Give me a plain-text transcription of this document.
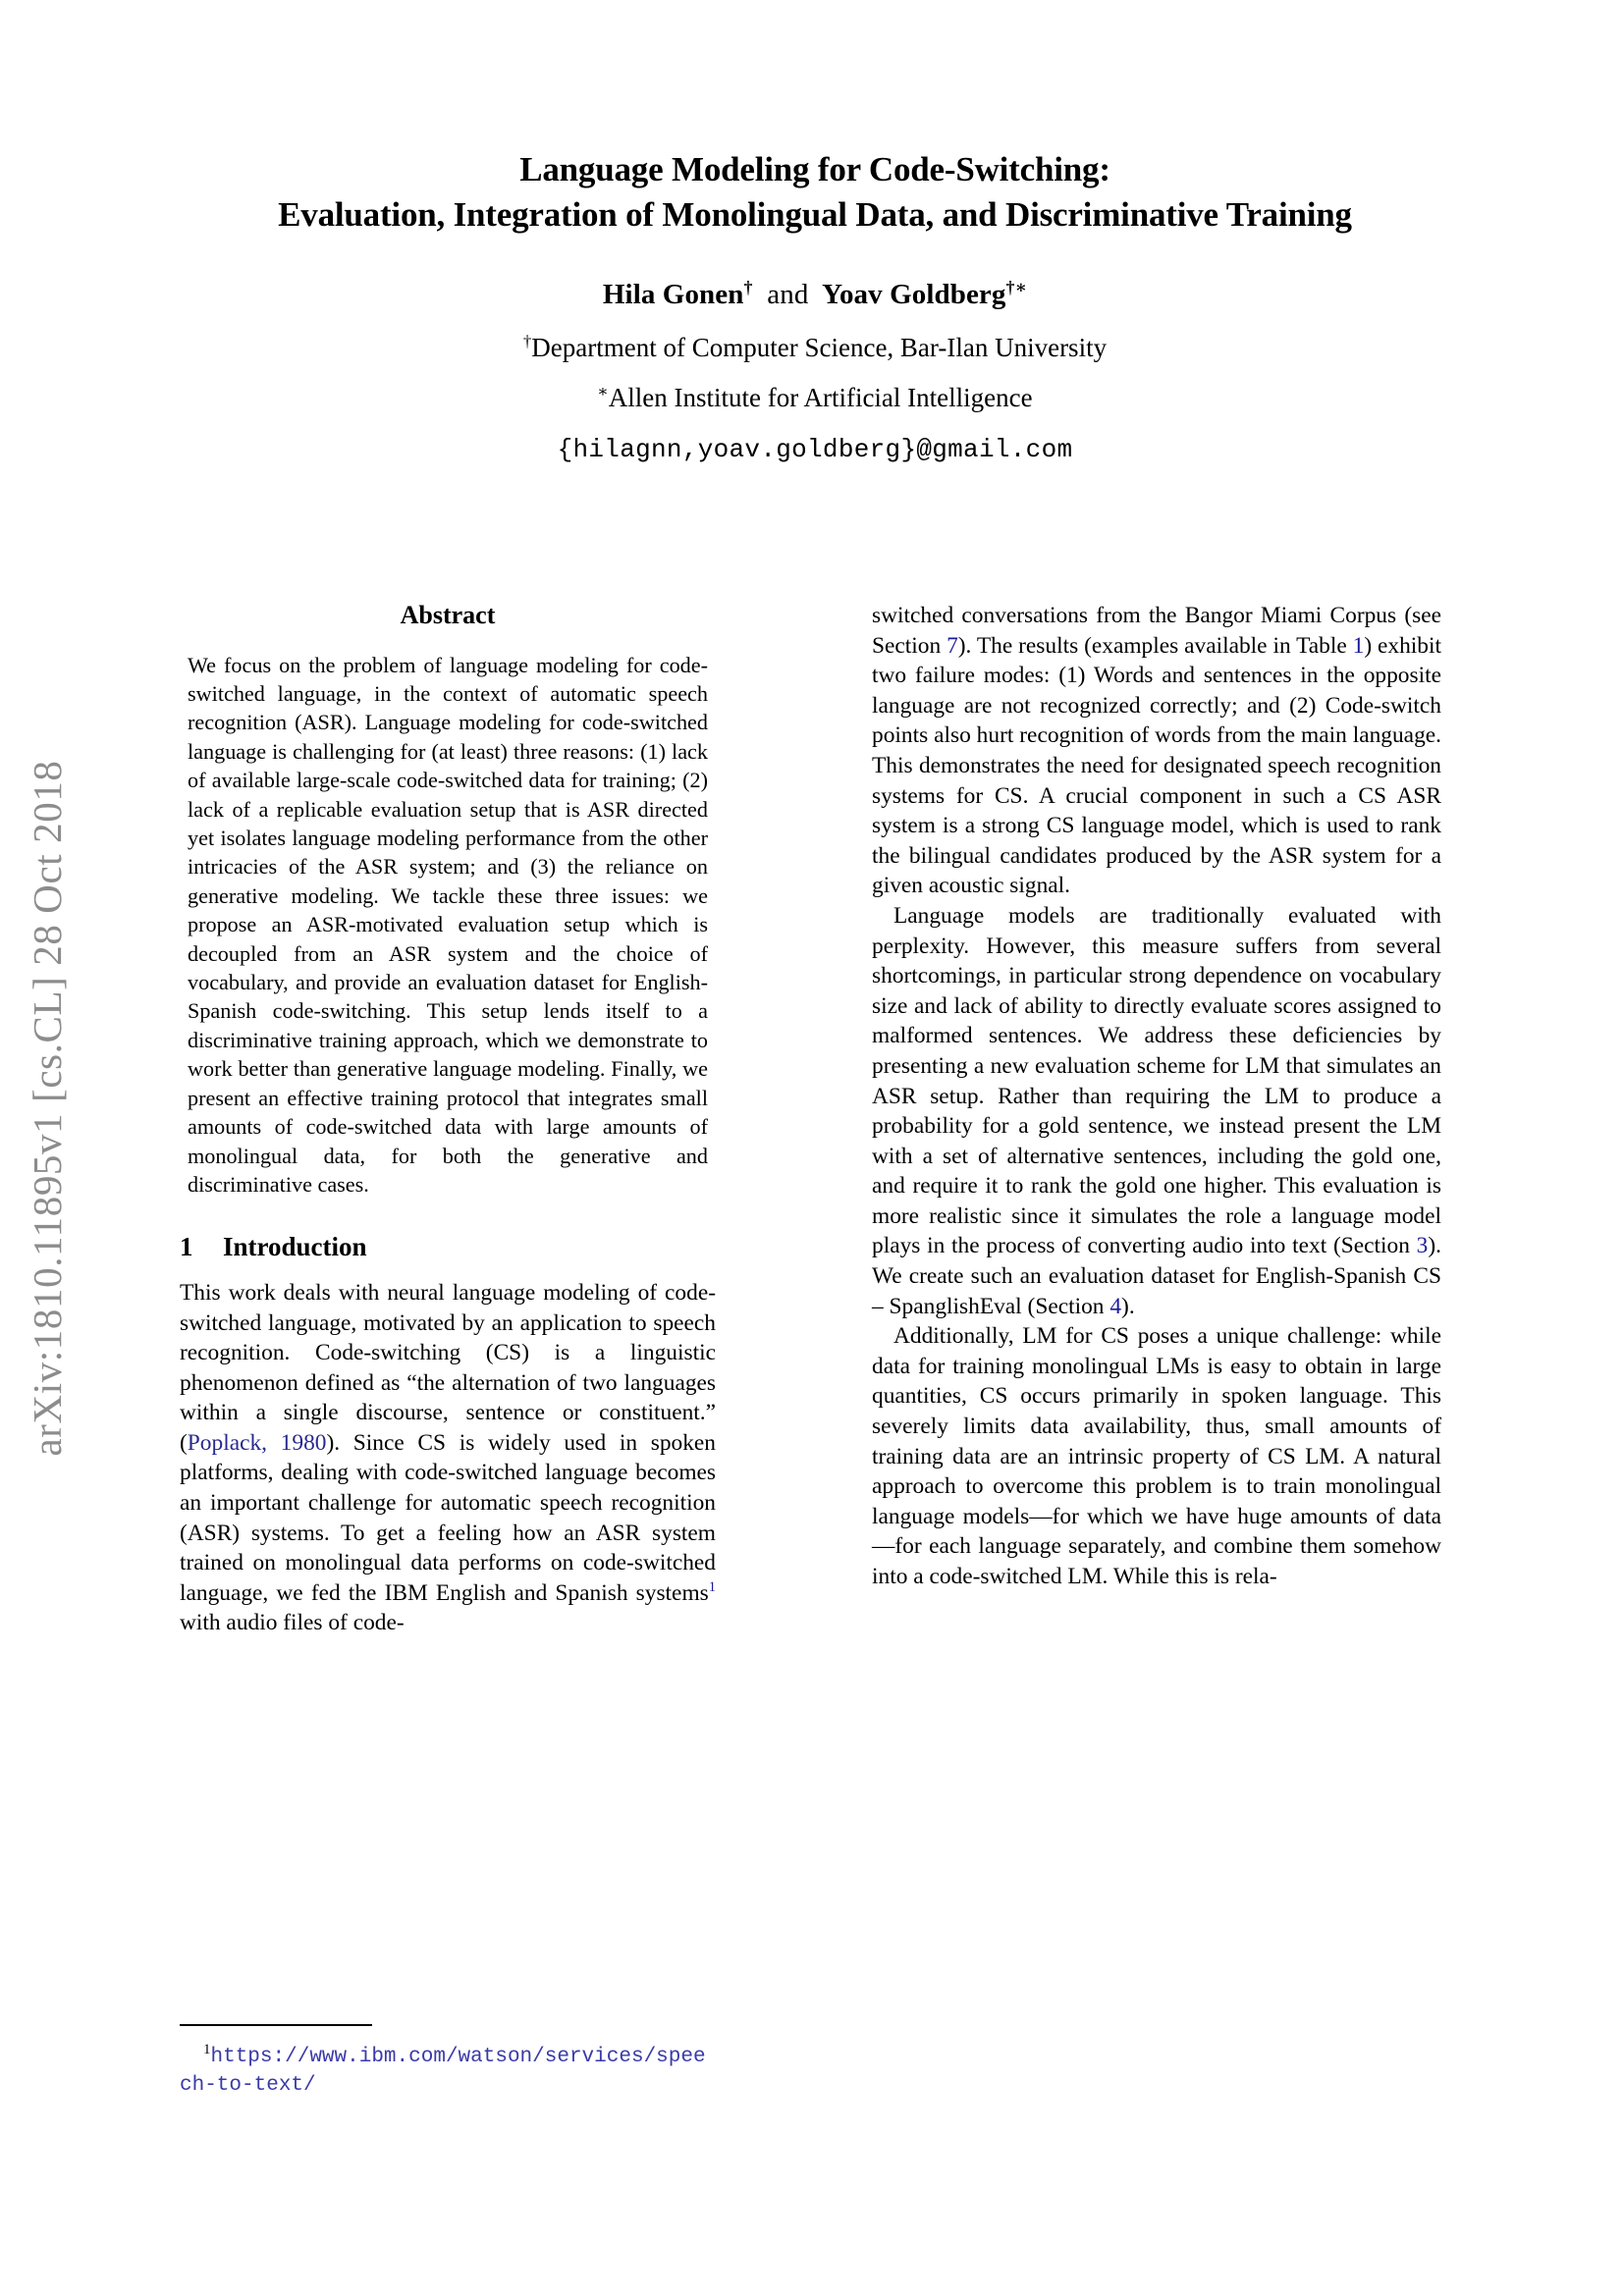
arXiv:1810.11895v1 [cs.CL] 28 Oct 2018
Language Modeling for Code-Switching:
Evaluation, Integration of Monolingual Data, and Discriminative Training
Hila Gonen† and Yoav Goldberg†∗
†Department of Computer Science, Bar-Ilan University
∗Allen Institute for Artificial Intelligence
{hilagnn,yoav.goldberg}@gmail.com
Abstract
We focus on the problem of language modeling for code-switched language, in the context of automatic speech recognition (ASR). Language modeling for code-switched language is challenging for (at least) three reasons: (1) lack of available large-scale code-switched data for training; (2) lack of a replicable evaluation setup that is ASR directed yet isolates language modeling performance from the other intricacies of the ASR system; and (3) the reliance on generative modeling. We tackle these three issues: we propose an ASR-motivated evaluation setup which is decoupled from an ASR system and the choice of vocabulary, and provide an evaluation dataset for English-Spanish code-switching. This setup lends itself to a discriminative training approach, which we demonstrate to work better than generative language modeling. Finally, we present an effective training protocol that integrates small amounts of code-switched data with large amounts of monolingual data, for both the generative and discriminative cases.
1 Introduction

This work deals with neural language modeling of code-switched language, motivated by an application to speech recognition. Code-switching (CS) is a linguistic phenomenon defined as “the alternation of two languages within a single discourse, sentence or constituent.” (Poplack, 1980). Since CS is widely used in spoken platforms, dealing with code-switched language becomes an important challenge for automatic speech recognition (ASR) systems. To get a feeling how an ASR system trained on monolingual data performs on code-switched language, we fed the IBM English and Spanish systems$^1$ with audio files of code-

$^1$https://www.ibm.com/watson/services/speech-to-text/

switched conversations from the Bangor Miami Corpus (see Section 7). The results (examples available in Table 1) exhibit two failure modes: (1) Words and sentences in the opposite language are not recognized correctly; and (2) Code-switch points also hurt recognition of words from the main language. This demonstrates the need for designated speech recognition systems for CS. A crucial component in such a CS ASR system is a strong CS language model, which is used to rank the bilingual candidates produced by the ASR system for a given acoustic signal.

Language models are traditionally evaluated with perplexity. However, this measure suffers from several shortcomings, in particular strong dependence on vocabulary size and lack of ability to directly evaluate scores assigned to malformed sentences. We address these deficiencies by presenting a new evaluation scheme for LM that simulates an ASR setup. Rather than requiring the LM to produce a probability for a gold sentence, we instead present the LM with a set of alternative sentences, including the gold one, and require it to rank the gold one higher. This evaluation is more realistic since it simulates the role a language model plays in the process of converting audio into text (Section 3). We create such an evaluation dataset for English-Spanish CS – SpanglishEval (Section 4).

Additionally, LM for CS poses a unique challenge: while data for training monolingual LMs is easy to obtain in large quantities, CS occurs primarily in spoken language. This severely limits data availability, thus, small amounts of training data are an intrinsic property of CS LM. A natural approach to overcome this problem is to train monolingual language models—for which we have huge amounts of data—for each language separately, and combine them somehow into a code-switched LM. While this is rela-
